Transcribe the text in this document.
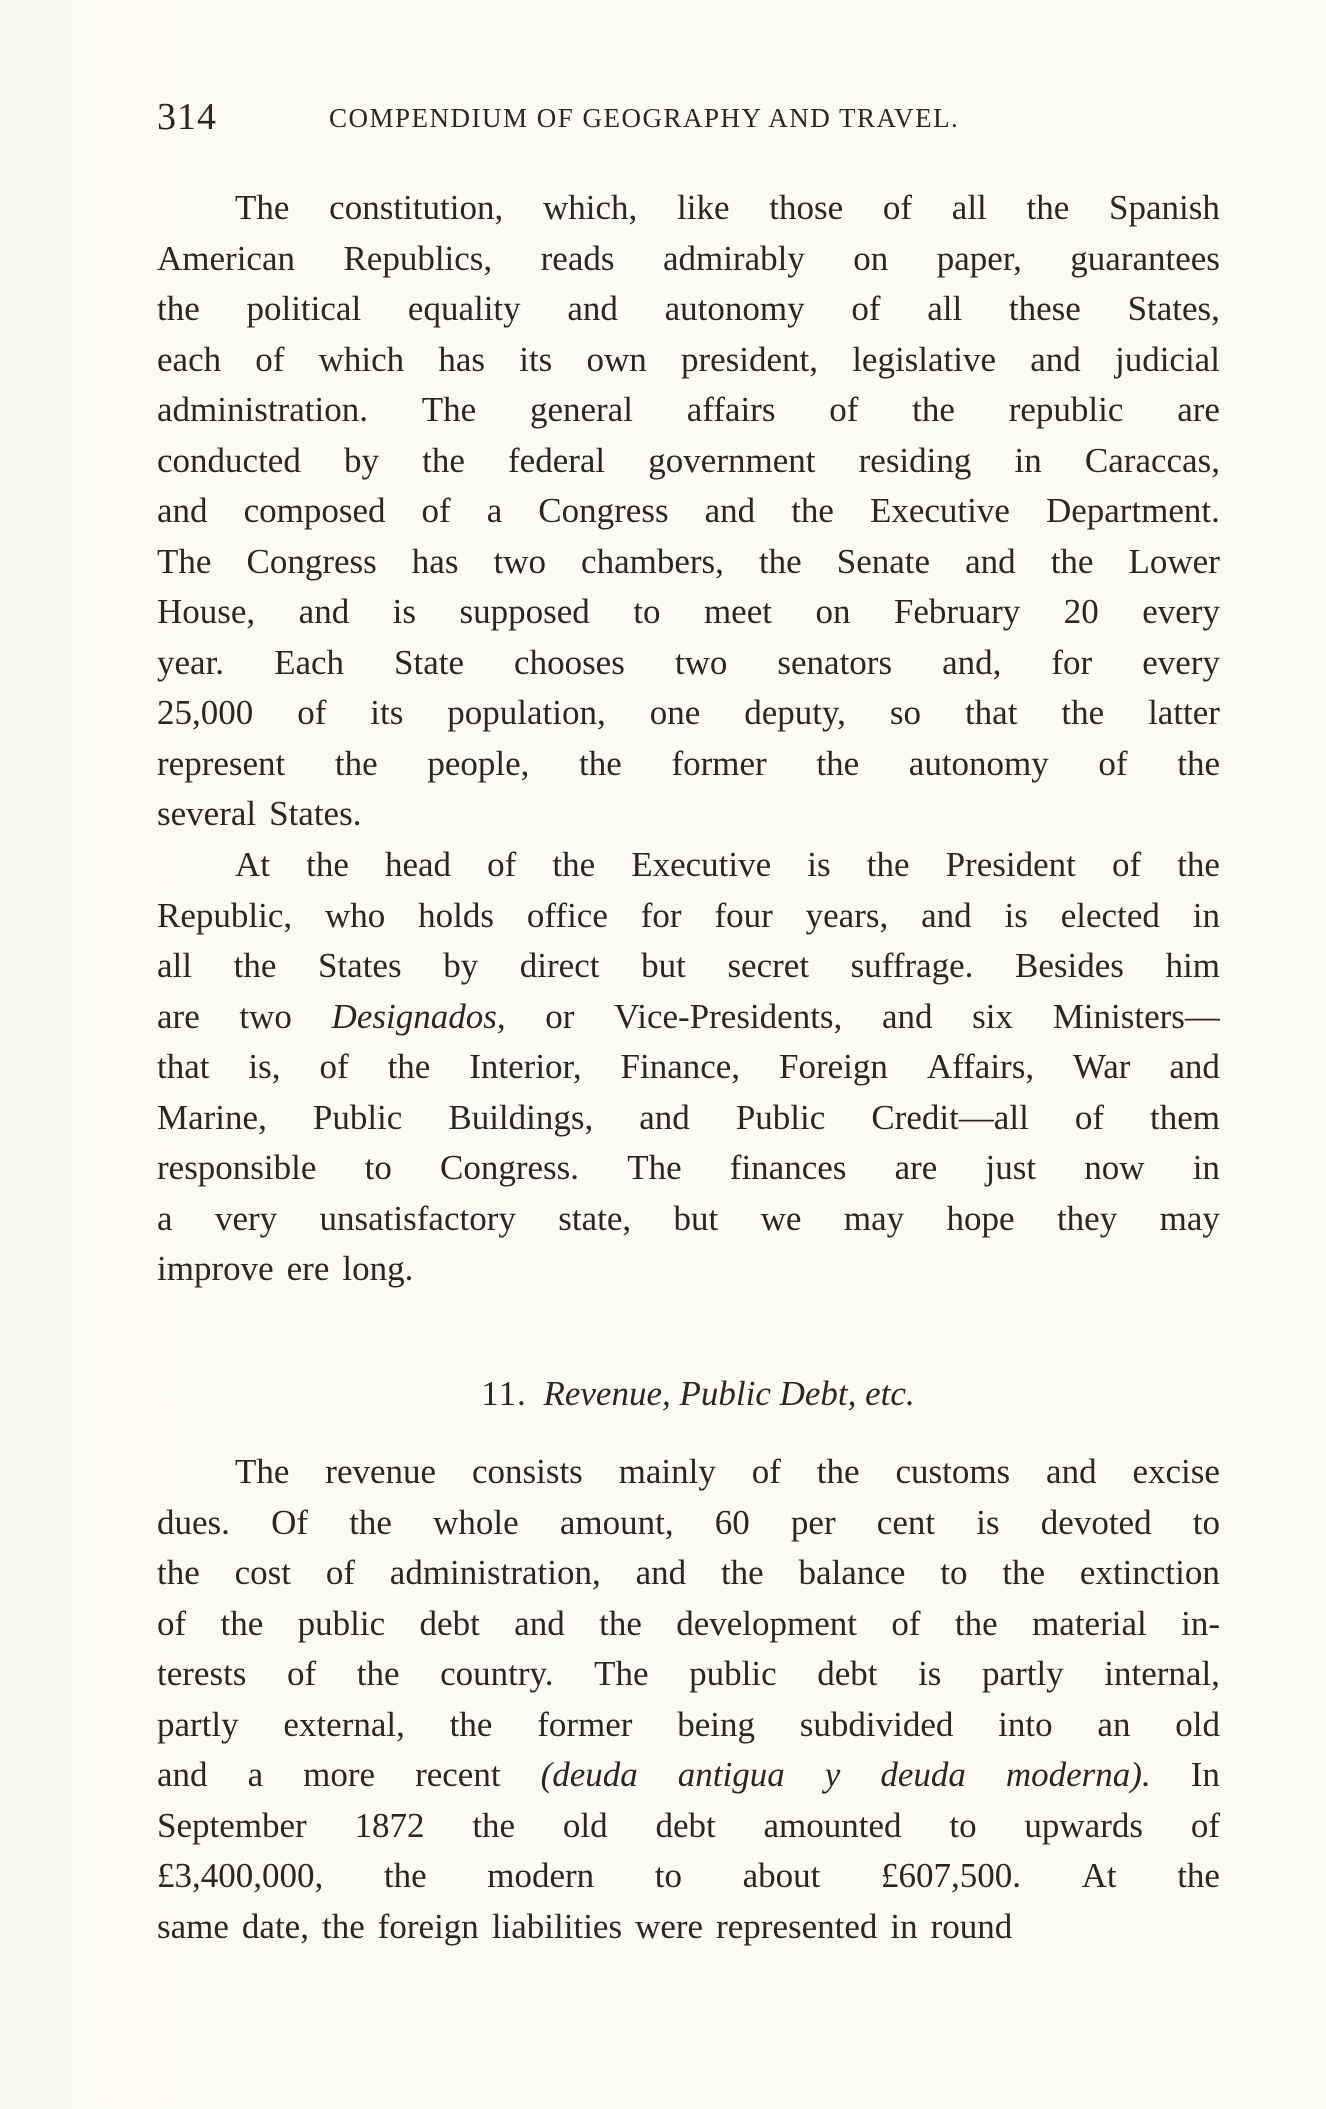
314	COMPENDIUM OF GEOGRAPHY AND TRAVEL.
The constitution, which, like those of all the Spanish
American Republics, reads admirably on paper, guarantees
the political equality and autonomy of all these States,
each of which has its own president, legislative and judicial
administration. The general affairs of the republic are
conducted by the federal government residing in Caraccas,
and composed of a Congress and the Executive Department.
The Congress has two chambers, the Senate and the Lower
House, and is supposed to meet on February 20 every
year. Each State chooses two senators and, for every
25,000 of its population, one deputy, so that the latter
represent the people, the former the autonomy of the
several States.
At the head of the Executive is the President of the
Republic, who holds office for four years, and is elected in
all the States by direct but secret suffrage. Besides him
are two Designados, or Vice-Presidents, and six Ministers—
that is, of the Interior, Finance, Foreign Affairs, War and
Marine, Public Buildings, and Public Credit—all of them
responsible to Congress. The finances are just now in
a very unsatisfactory state, but we may hope they may
improve ere long.
11. Revenue, Public Debt, etc.
The revenue consists mainly of the customs and excise
dues. Of the whole amount, 60 per cent is devoted to
the cost of administration, and the balance to the extinction
of the public debt and the development of the material in-
terests of the country. The public debt is partly internal,
partly external, the former being subdivided into an old
and a more recent (deuda antigua y deuda moderna). In
September 1872 the old debt amounted to upwards of
£3,400,000, the modern to about £607,500. At the
same date, the foreign liabilities were represented in round
